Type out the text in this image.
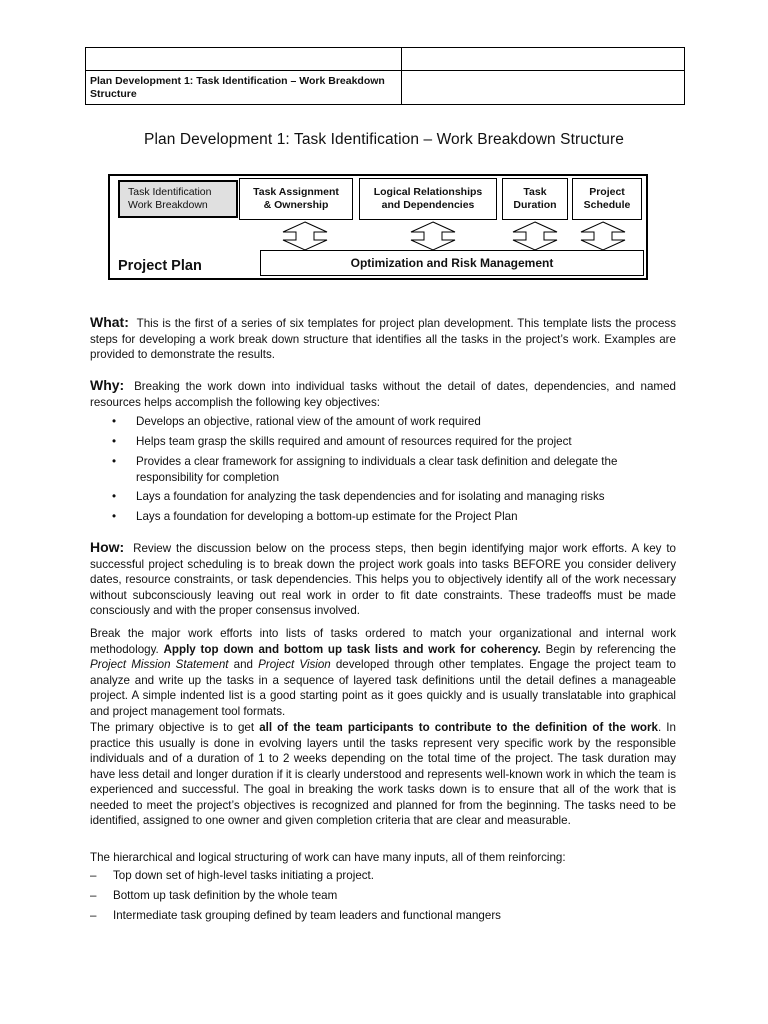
Plan Development 1: Task Identification – Work Breakdown Structure
Plan Development 1: Task Identification – Work Breakdown Structure
Task Identification
Work Breakdown
Task Assignment
& Ownership
Logical Relationships
and Dependencies
Task
Duration
Project
Schedule
Project Plan	Optimization and Risk Management
What: This is the first of a series of six templates for project plan development. This template lists the process steps for developing a work break down structure that identifies all the tasks in the project’s work. Examples are provided to demonstrate the results.
Why: Breaking the work down into individual tasks without the detail of dates, dependencies, and named resources helps accomplish the following key objectives:
• Develops an objective, rational view of the amount of work required
• Helps team grasp the skills required and amount of resources required for the project
• Provides a clear framework for assigning to individuals a clear task definition and delegate the responsibility for completion
• Lays a foundation for analyzing the task dependencies and for isolating and managing risks
• Lays a foundation for developing a bottom-up estimate for the Project Plan
How: Review the discussion below on the process steps, then begin identifying major work efforts. A key to successful project scheduling is to break down the project work goals into tasks BEFORE you consider delivery dates, resource constraints, or task dependencies. This helps you to objectively identify all of the work necessary without subconsciously leaving out real work in order to fit date constraints. These tradeoffs must be made consciously and with the proper consensus involved.
Break the major work efforts into lists of tasks ordered to match your organizational and internal work methodology. Apply top down and bottom up task lists and work for coherency. Begin by referencing the Project Mission Statement and Project Vision developed through other templates. Engage the project team to analyze and write up the tasks in a sequence of layered task definitions until the detail defines a manageable project. A simple indented list is a good starting point as it goes quickly and is usually translatable into graphical and project management tool formats.
The primary objective is to get all of the team participants to contribute to the definition of the work. In practice this usually is done in evolving layers until the tasks represent very specific work by the responsible individuals and of a duration of 1 to 2 weeks depending on the total time of the project. The task duration may have less detail and longer duration if it is clearly understood and represents well-known work in which the team is experienced and successful. The goal in breaking the work tasks down is to ensure that all of the work that is needed to meet the project’s objectives is recognized and planned for from the beginning. The tasks need to be identified, assigned to one owner and given completion criteria that are clear and measurable.
The hierarchical and logical structuring of work can have many inputs, all of them reinforcing:
– Top down set of high-level tasks initiating a project.
– Bottom up task definition by the whole team
– Intermediate task grouping defined by team leaders and functional mangers
